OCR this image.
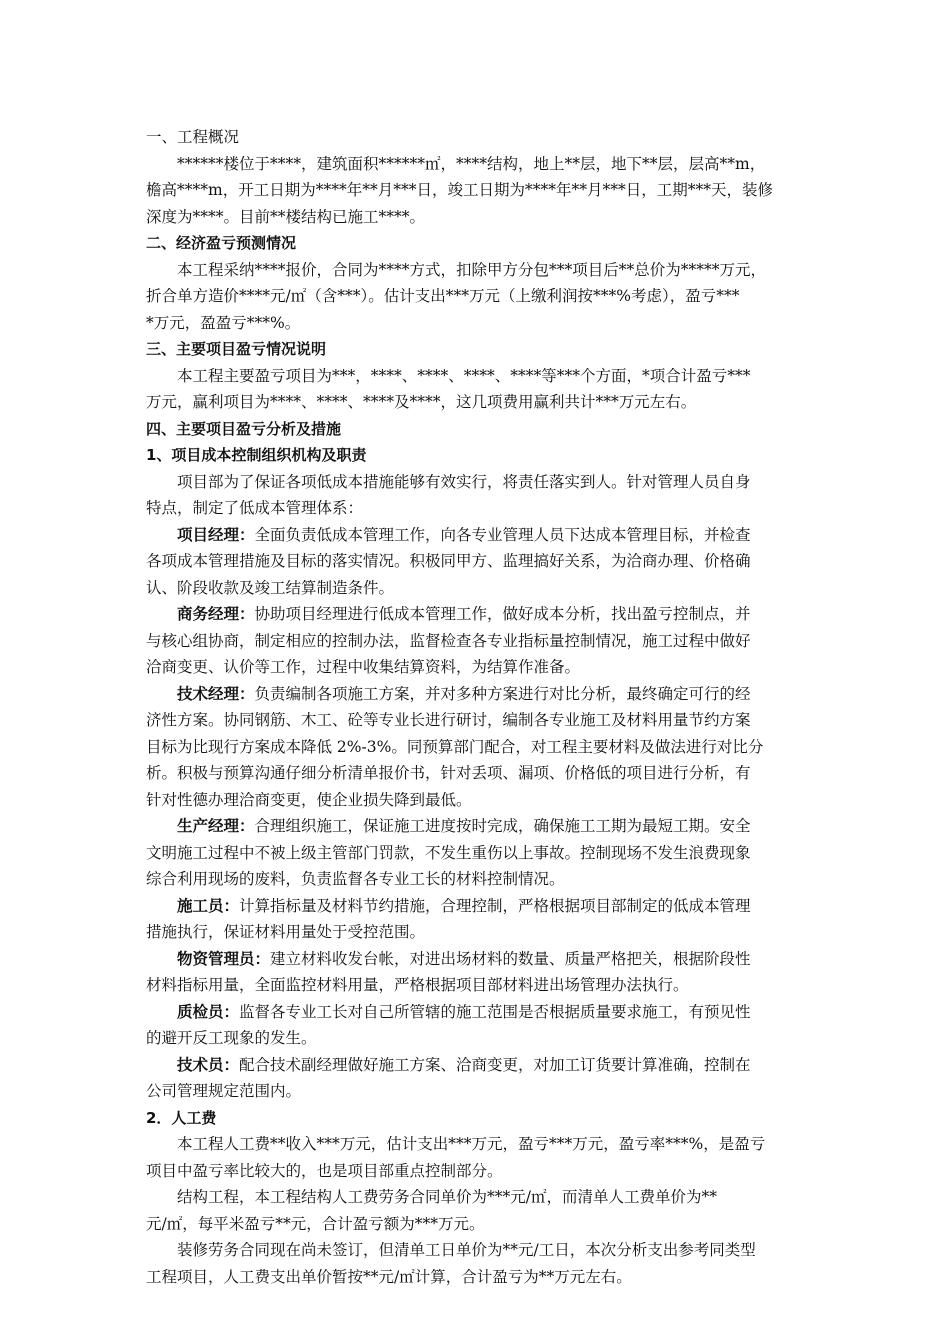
一、工程概况
******楼位于****，建筑面积******㎡，****结构，地上**层，地下**层，层高**m，
檐高****m，开工日期为****年**月***日，竣工日期为****年**月***日，工期***天，装修
深度为****。目前**楼结构已施工****。
二、经济盈亏预测情况
本工程采纳****报价，合同为****方式，扣除甲方分包***项目后**总价为*****万元，
折合单方造价****元/㎡（含***）。估计支出***万元（上缴利润按***%考虑），盈亏***
*万元，盈盈亏***%。
三、主要项目盈亏情况说明
本工程主要盈亏项目为***，****、****、****、****等***个方面，*项合计盈亏***
万元，赢利项目为****、****、****及****，这几项费用赢利共计***万元左右。
四、主要项目盈亏分析及措施
1、项目成本控制组织机构及职责
项目部为了保证各项低成本措施能够有效实行，将责任落实到人。针对管理人员自身
特点，制定了低成本管理体系：
项目经理：全面负责低成本管理工作，向各专业管理人员下达成本管理目标，并检查
各项成本管理措施及目标的落实情况。积极同甲方、监理搞好关系，为洽商办理、价格确
认、阶段收款及竣工结算制造条件。
商务经理：协助项目经理进行低成本管理工作，做好成本分析，找出盈亏控制点，并
与核心组协商，制定相应的控制办法，监督检查各专业指标量控制情况，施工过程中做好
洽商变更、认价等工作，过程中收集结算资料，为结算作准备。
技术经理：负责编制各项施工方案，并对多种方案进行对比分析，最终确定可行的经
济性方案。协同钢筋、木工、砼等专业长进行研讨，编制各专业施工及材料用量节约方案
目标为比现行方案成本降低 2%-3%。同预算部门配合，对工程主要材料及做法进行对比分
析。积极与预算沟通仔细分析清单报价书，针对丢项、漏项、价格低的项目进行分析，有
针对性德办理洽商变更，使企业损失降到最低。
生产经理：合理组织施工，保证施工进度按时完成，确保施工工期为最短工期。安全
文明施工过程中不被上级主管部门罚款，不发生重伤以上事故。控制现场不发生浪费现象
综合利用现场的废料，负责监督各专业工长的材料控制情况。
施工员：计算指标量及材料节约措施，合理控制，严格根据项目部制定的低成本管理
措施执行，保证材料用量处于受控范围。
物资管理员：建立材料收发台帐，对进出场材料的数量、质量严格把关，根据阶段性
材料指标用量，全面监控材料用量，严格根据项目部材料进出场管理办法执行。
质检员：监督各专业工长对自己所管辖的施工范围是否根据质量要求施工，有预见性
的避开反工现象的发生。
技术员：配合技术副经理做好施工方案、洽商变更，对加工订货要计算准确，控制在
公司管理规定范围内。
2．人工费
本工程人工费**收入***万元，估计支出***万元，盈亏***万元，盈亏率***%，是盈亏
项目中盈亏率比较大的，也是项目部重点控制部分。
结构工程，本工程结构人工费劳务合同单价为***元/㎡，而清单人工费单价为**
元/㎡，每平米盈亏**元，合计盈亏额为***万元。
装修劳务合同现在尚未签订，但清单工日单价为**元/工日，本次分析支出参考同类型
工程项目，人工费支出单价暂按**元/㎡计算，合计盈亏为**万元左右。
